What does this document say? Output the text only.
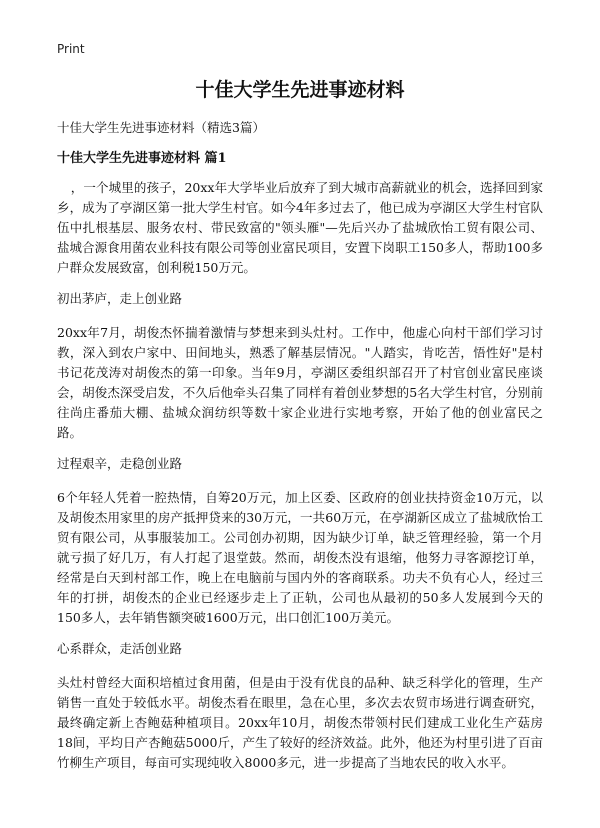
Print
十佳大学生先进事迹材料
十佳大学生先进事迹材料（精选3篇）
十佳大学生先进事迹材料 篇1

，一个城里的孩子，20xx年大学毕业后放弃了到大城市高薪就业的机会，选择回到家乡，成为了亭湖区第一批大学生村官。如今4年多过去了，他已成为亭湖区大学生村官队伍中扎根基层、服务农村、带民致富的"领头雁"—先后兴办了盐城欣怡工贸有限公司、盐城合源食用菌农业科技有限公司等创业富民项目，安置下岗职工150多人，帮助100多户群众发展致富，创利税150万元。

初出茅庐，走上创业路

20xx年7月，胡俊杰怀揣着激情与梦想来到头灶村。工作中，他虚心向村干部们学习讨教，深入到农户家中、田间地头，熟悉了解基层情况。"人踏实，肯吃苦，悟性好"是村书记花茂涛对胡俊杰的第一印象。当年9月，亭湖区委组织部召开了村官创业富民座谈会，胡俊杰深受启发，不久后他牵头召集了同样有着创业梦想的5名大学生村官，分别前往尚庄番茄大棚、盐城众润纺织等数十家企业进行实地考察，开始了他的创业富民之路。

过程艰辛，走稳创业路

6个年轻人凭着一腔热情，自筹20万元，加上区委、区政府的创业扶持资金10万元，以及胡俊杰用家里的房产抵押贷来的30万元，一共60万元，在亭湖新区成立了盐城欣怡工贸有限公司，从事服装加工。公司创办初期，因为缺少订单，缺乏管理经验，第一个月就亏损了好几万，有人打起了退堂鼓。然而，胡俊杰没有退缩，他努力寻客源挖订单，经常是白天到村部工作，晚上在电脑前与国内外的客商联系。功夫不负有心人，经过三年的打拼，胡俊杰的企业已经逐步走上了正轨，公司也从最初的50多人发展到今天的150多人，去年销售额突破1600万元，出口创汇100万美元。

心系群众，走活创业路

头灶村曾经大面积培植过食用菌，但是由于没有优良的品种、缺乏科学化的管理，生产销售一直处于较低水平。胡俊杰看在眼里，急在心里，多次去农贸市场进行调查研究，最终确定新上杏鲍菇种植项目。20xx年10月，胡俊杰带领村民们建成工业化生产菇房18间，平均日产杏鲍菇5000斤，产生了较好的经济效益。此外，他还为村里引进了百亩竹柳生产项目，每亩可实现纯收入8000多元，进一步提高了当地农民的收入水平。
